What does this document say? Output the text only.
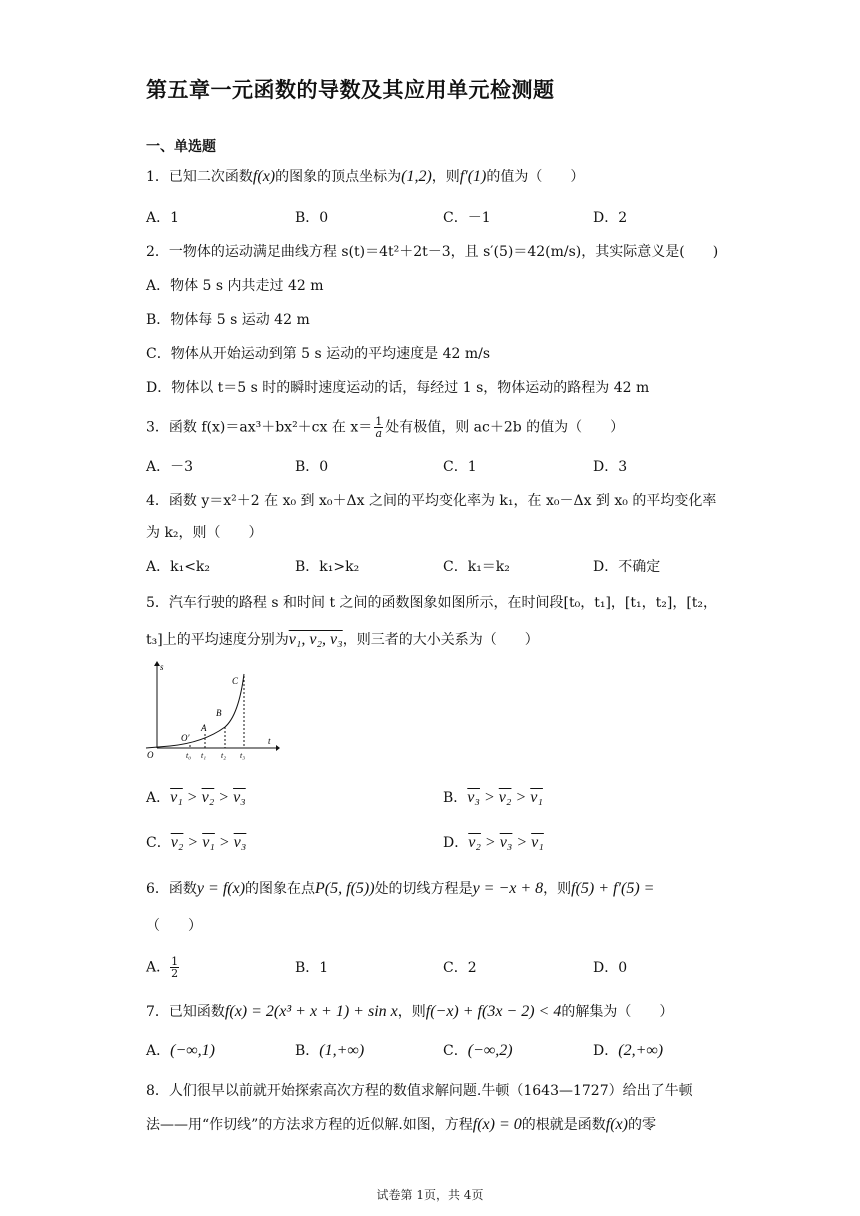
第五章一元函数的导数及其应用单元检测题
一、单选题
1．已知二次函数f(x)的图象的顶点坐标为(1,2)，则f′(1)的值为（　　）
A．1	B．0	C．－1	D．2
2．一物体的运动满足曲线方程 s(t)＝4t²＋2t－3，且 s′(5)＝42(m/s)，其实际意义是(　　)
A．物体 5 s 内共走过 42 m
B．物体每 5 s 运动 42 m
C．物体从开始运动到第 5 s 运动的平均速度是 42 m/s
D．物体以 t＝5 s 时的瞬时速度运动的话，每经过 1 s，物体运动的路程为 42 m
3．函数 f(x)＝ax³＋bx²＋cx 在 $x= \frac{1}{a}$ 处有极值，则 ac＋2b 的值为（　　）
A．－3	B．0	C．1	D．3
4．函数 y＝x²＋2 在 x₀ 到 x₀＋Δx 之间的平均变化率为 k₁，在 x₀－Δx 到 x₀ 的平均变化率
为 k₂，则（　　）
A．k₁<k₂	B．k₁>k₂	C．k₁＝k₂	D．不确定
5．汽车行驶的路程 s 和时间 t 之间的函数图象如图所示，在时间段[t₀，t₁]，[t₁，t₂]，[t₂，
t₃]上的平均速度分别为v₁, v₂, v₃，则三者的大小关系为（　　）
s
t
O
O′
A
B
C
t₀ t₁ t₂ t₃
A．v₁ > v₂ > v₃	B．v₃ > v₂ > v₁
C．v₂ > v₁ > v₃	D．v₂ > v₃ > v₁
6．函数y = f(x)的图象在点P(5, f(5))处的切线方程是y = −x + 8，则f(5) + f′(5) =
（　　）
A． $\frac{1}{2}$	B．1	C．2	D．0
7．已知函数f(x) = 2(x³ + x + 1) + sin x，则f(−x) + f(3x − 2) < 4的解集为（　　）
A．(−∞,1)	B．(1,+∞)	C．(−∞,2)	D．(2,+∞)
8．人们很早以前就开始探索高次方程的数值求解问题.牛顿（1643—1727）给出了牛顿
法——用“作切线”的方法求方程的近似解.如图，方程f(x) = 0的根就是函数f(x)的零
试卷第 1页，共 4页
